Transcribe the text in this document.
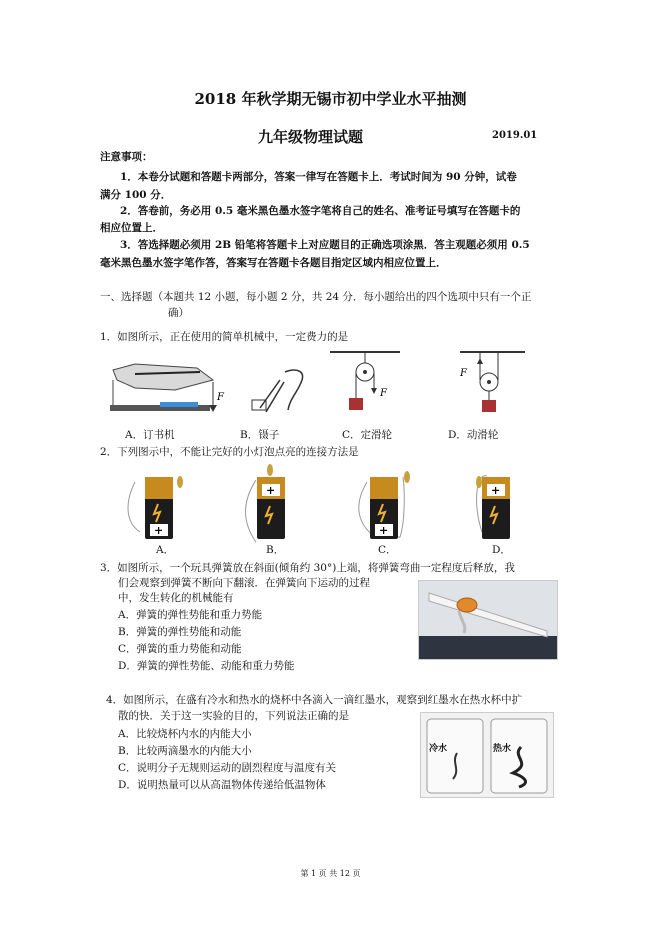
2018 年秋学期无锡市初中学业水平抽测
九年级物理试题	2019.01
注意事项：
1．本卷分试题和答题卡两部分，答案一律写在答题卡上．考试时间为 90 分钟，试卷
满分 100 分．
2．答卷前，务必用 0.5 毫米黑色墨水签字笔将自己的姓名、准考证号填写在答题卡的
相应位置上．
3．答选择题必须用 2B 铅笔将答题卡上对应题目的正确选项涂黑．答主观题必须用 0.5
毫米黑色墨水签字笔作答，答案写在答题卡各题目指定区域内相应位置上．
一、选择题（本题共 12 小题，每小题 2 分，共 24 分．每小题给出的四个选项中只有一个正
确）
1．如图所示，正在使用的简单机械中，一定费力的是
F	F
F
A．订书机	B．镊子	C．定滑轮	D．动滑轮
2．下列图示中，不能让完好的小灯泡点亮的连接方法是
+
+
+
+
A．	B．	C．	D．
3．如图所示，一个玩具弹簧放在斜面(倾角约 30°)上端，将弹簧弯曲一定程度后释放，我
们会观察到弹簧不断向下翻滚．在弹簧向下运动的过程
中，发生转化的机械能有
A．弹簧的弹性势能和重力势能
B．弹簧的弹性势能和动能
C．弹簧的重力势能和动能
D．弹簧的弹性势能、动能和重力势能
4．如图所示，在盛有冷水和热水的烧杯中各滴入一滴红墨水，观察到红墨水在热水杯中扩
散的快．关于这一实验的目的，下列说法正确的是
A．比较烧杯内水的内能大小
B．比较两滴墨水的内能大小
C．说明分子无规则运动的剧烈程度与温度有关
D．说明热量可以从高温物体传递给低温物体
冷水	热水
第 1 页 共 12 页
